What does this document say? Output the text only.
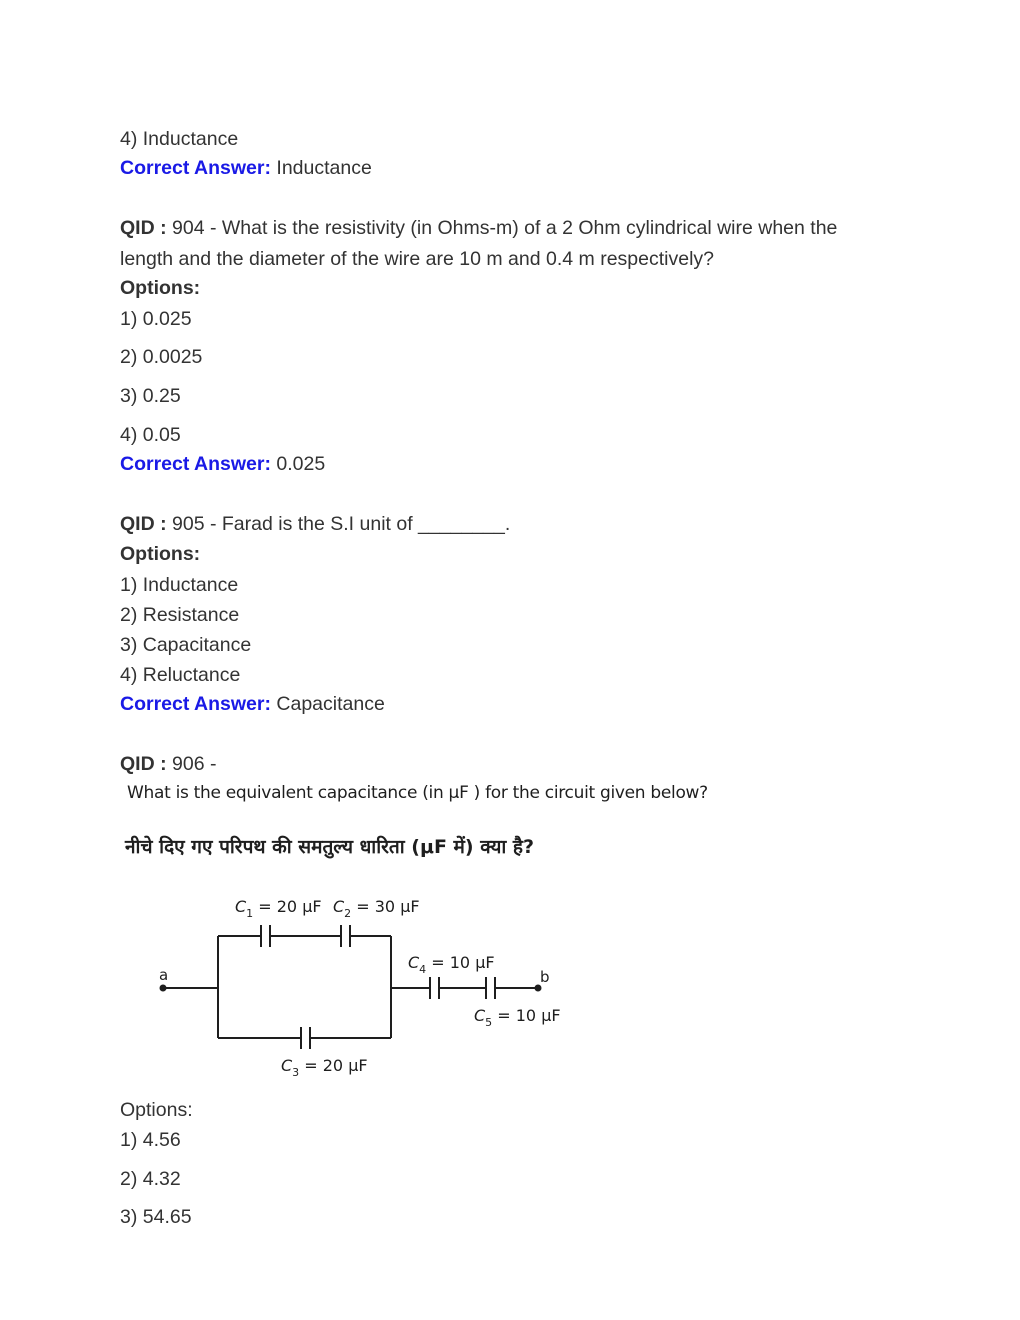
4) Inductance
Correct Answer: Inductance
QID : 904 - What is the resistivity (in Ohms-m) of a 2 Ohm cylindrical wire when the
length and the diameter of the wire are 10 m and 0.4 m respectively?
Options:
1) 0.025
2) 0.0025
3) 0.25
4) 0.05
Correct Answer: 0.025
QID : 905 - Farad is the S.I unit of ________.
Options:
1) Inductance
2) Resistance
3) Capacitance
4) Reluctance
Correct Answer: Capacitance
QID : 906 -
What is the equivalent capacitance (in μF ) for the circuit given below?
नीचे दिए गए परिपथ की समतुल्य धारिता (μF में) क्या है?
a	b
$C_1 = 20$ μF $C_2 = 30$ μF
$C_4 = 10$ μF
$C_5 = 10$ μF
$C_3 = 20$ μF
Options:
1) 4.56
2) 4.32
3) 54.65
